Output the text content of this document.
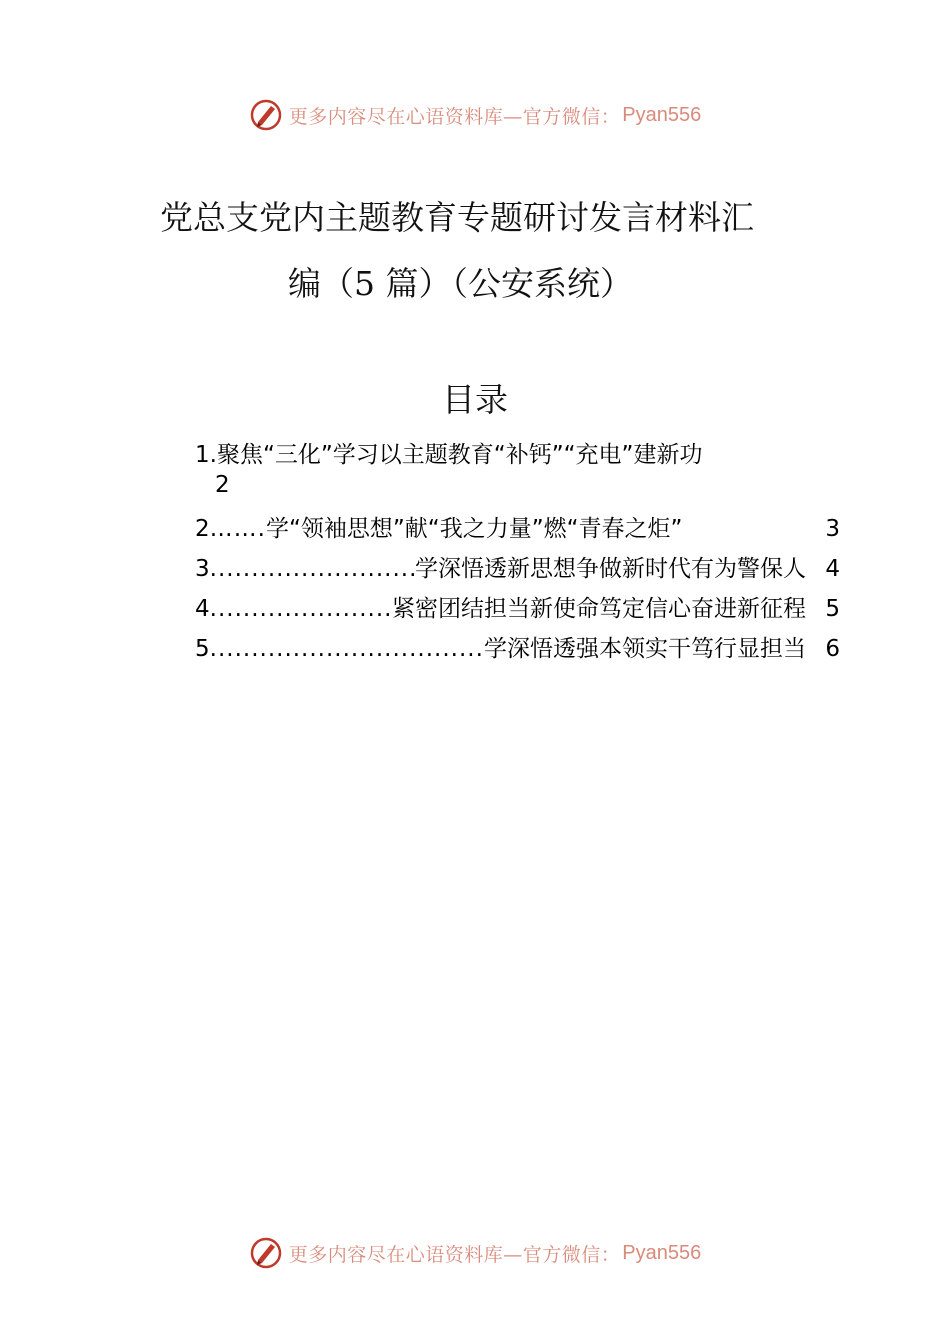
更多内容尽在心语资料库—官方微信： Pyan556
党总支党内主题教育专题研讨发言材料汇
编（5 篇）（公安系统）
目录
1.聚焦“三化”学习以主题教育“补钙”“充电”建新功
2
2 ……. 学“领袖思想”献“我之力量”燃“青春之炬”	3
3 .....	学深悟透新思想争做新时代有为警保人 4
4 .....	紧密团结担当新使命笃定信心奋进新征程 5
5 .....	学深悟透强本领实干笃行显担当 6
更多内容尽在心语资料库—官方微信： Pyan556
